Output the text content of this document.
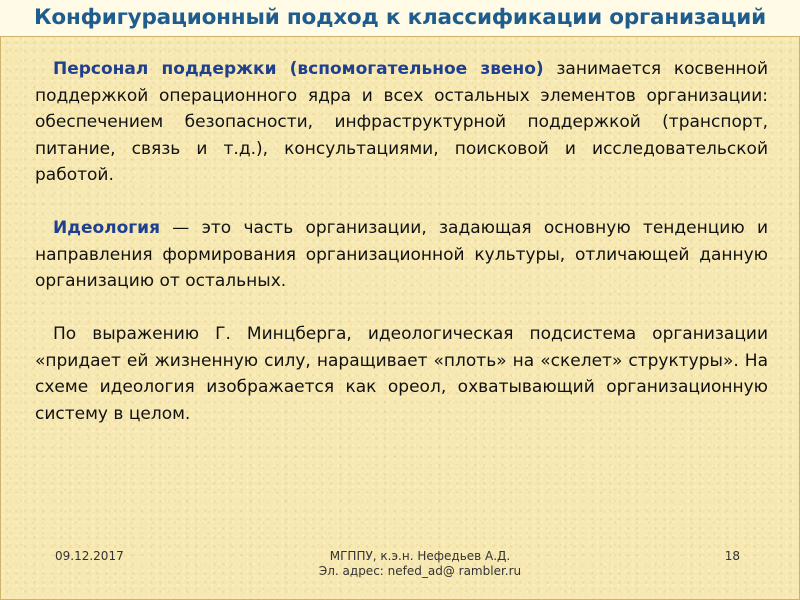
Конфигурационный подход к классификации организаций

Персонал поддержки (вспомогательное звено) занимается косвенной поддержкой операционного ядра и всех остальных элементов организации: обеспечением безопасности, инфраструктурной поддержкой (транспорт, питание, связь и т.д.), консультациями, поисковой и исследовательской работой.

Идеология — это часть организации, задающая основную тенденцию и направления формирования организационной культуры, отличающей данную организацию от остальных.

По выражению Г. Минцберга, идеологическая подсистема организации «придает ей жизненную силу, наращивает «плоть» на «скелет» структуры». На схеме идеология изображается как ореол, охватывающий организационную систему в целом.

09.12.2017	МГППУ, к.э.н. Нефедьев А.Д.
Эл. адрес: nefed_ad@ rambler.ru
18
